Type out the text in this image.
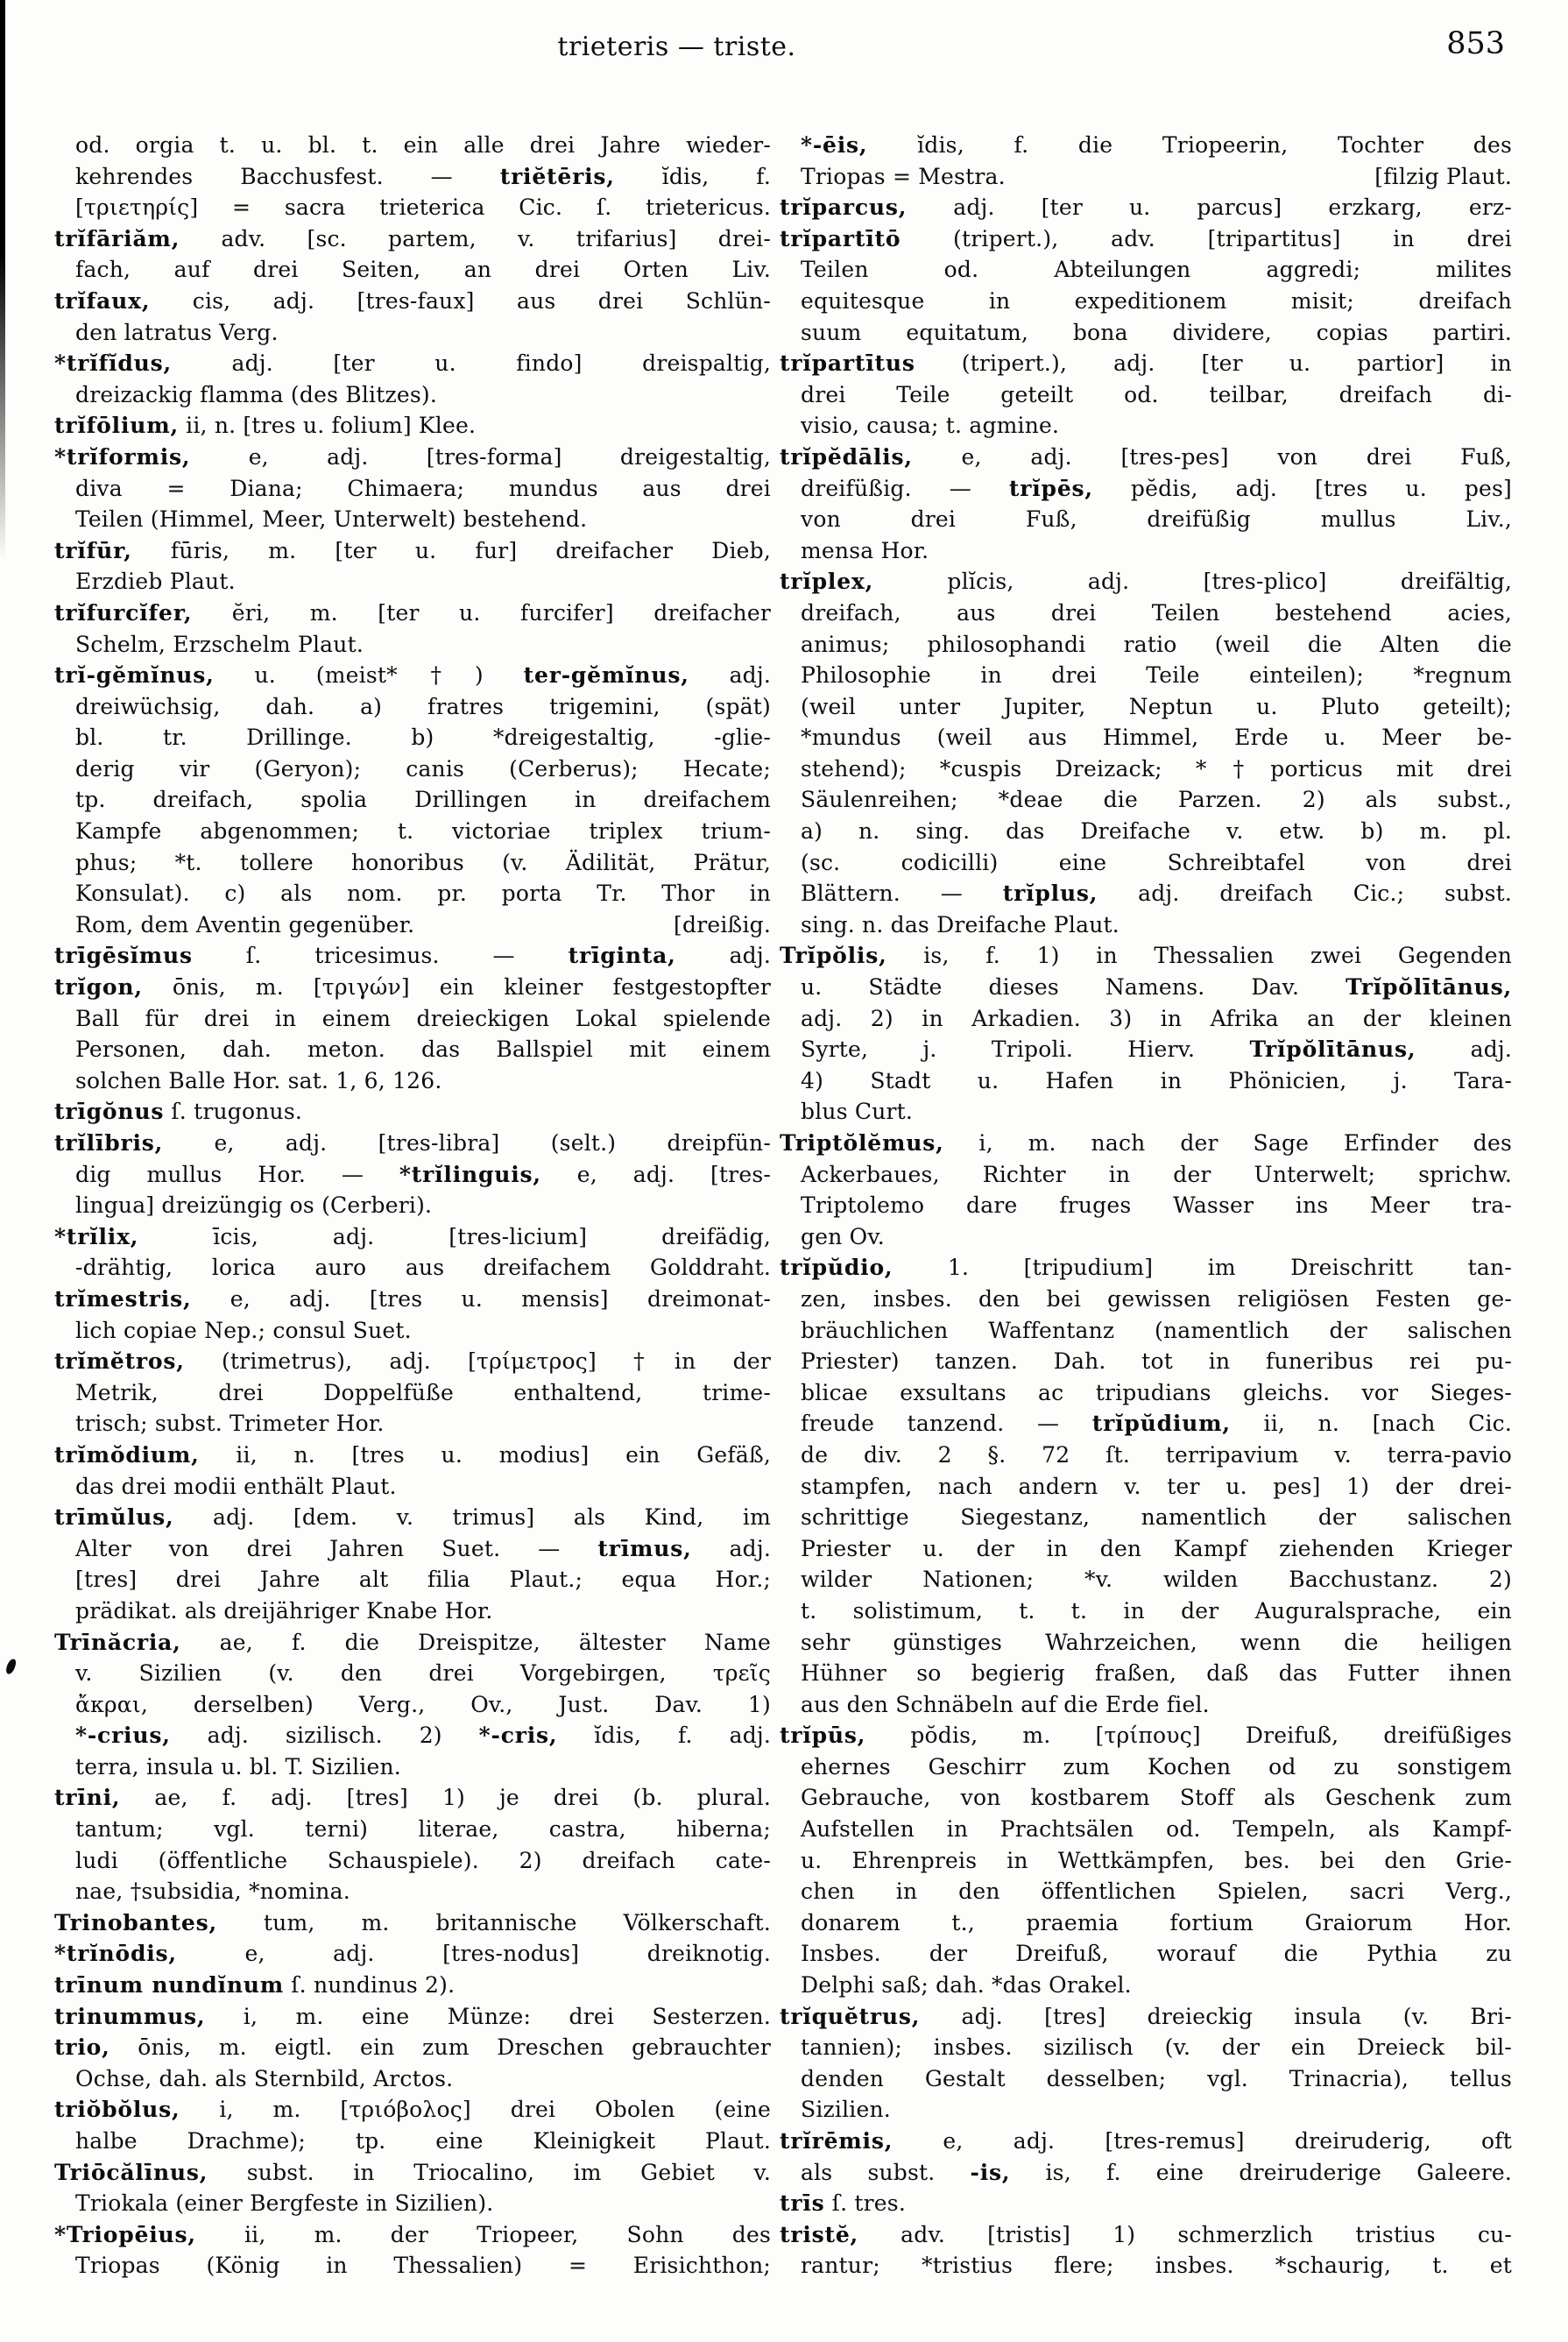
trieteris — triste.	853
od. orgia t. u. bl. t. ein alle drei Jahre wieder-
kehrendes Bacchusfest. — triĕtēris, ĭdis, f.
[τριετηρίς] = sacra trieterica Cic. ſ. trietericus.
trĭfāriăm, adv. [sc. partem, v. trifarius] drei-
fach, auf drei Seiten, an drei Orten Liv.
trĭfaux, cis, adj. [tres-faux] aus drei Schlün-
den latratus Verg.
*trĭfĭdus, adj. [ter u. findo] dreispaltig,
dreizackig flamma (des Blitzes).
trĭfōlium, ii, n. [tres u. folium] Klee.
*trĭformis, e, adj. [tres-forma] dreigestaltig,
diva = Diana; Chimaera; mundus aus drei
Teilen (Himmel, Meer, Unterwelt) bestehend.
trĭfūr, fūris, m. [ter u. fur] dreifacher Dieb,
Erzdieb Plaut.
trĭfurcĭfer, ĕri, m. [ter u. furcifer] dreifacher
Schelm, Erzschelm Plaut.
trĭ-gĕmĭnus, u. (meist*†) ter-gĕmĭnus, adj.
dreiwüchsig, dah. a) fratres trigemini, (spät)
bl. tr. Drillinge. b) *dreigestaltig, -glie-
derig vir (Geryon); canis (Cerberus); Hecate;
tp. dreifach, spolia Drillingen in dreifachem
Kampfe abgenommen; t. victoriae triplex trium-
phus; *t. tollere honoribus (v. Ädilität, Prätur,
Konsulat). c) als nom. pr. porta Tr. Thor in
Rom, dem Aventin gegenüber.	[dreißig.
trīgēsĭmus ſ. tricesimus. — trīginta, adj.
trĭgon, ōnis, m. [τριγών] ein kleiner festgestopfter
Ball für drei in einem dreieckigen Lokal spielende
Personen, dah. meton. das Ballspiel mit einem
solchen Balle Hor. sat. 1, 6, 126.
trīgŏnus ſ. trugonus.
trĭlībris, e, adj. [tres-libra] (selt.) dreipfün-
dig mullus Hor. — *trĭlinguis, e, adj. [tres-
lingua] dreizüngig os (Cerberi).
*trĭlix, īcis, adj. [tres-licium] dreifädig,
-drähtig, lorica auro aus dreifachem Golddraht.
trĭmestris, e, adj. [tres u. mensis] dreimonat-
lich copiae Nep.; consul Suet.
trĭmĕtros, (trimetrus), adj. [τρίμετρος] †in der
Metrik, drei Doppelfüße enthaltend, trime-
trisch; subst. Trimeter Hor.
trĭmŏdium, ii, n. [tres u. modius] ein Gefäß,
das drei modii enthält Plaut.
trīmŭlus, adj. [dem. v. trimus] als Kind, im
Alter von drei Jahren Suet. — trīmus, adj.
[tres] drei Jahre alt filia Plaut.; equa Hor.;
prädikat. als dreijähriger Knabe Hor.
Trīnăcria, ae, f. die Dreispitze, ältester Name
v. Sizilien (v. den drei Vorgebirgen, τρεῖς
ἄκραι, derselben) Verg., Ov., Just. Dav. 1)
*-crius, adj. sizilisch. 2) *-cris, ĭdis, f. adj.
terra, insula u. bl. T. Sizilien.
trīni, ae, f. adj. [tres] 1) je drei (b. plural.
tantum; vgl. terni) literae, castra, hiberna;
ludi (öffentliche Schauspiele). 2) dreifach cate-
nae, †subsidia, *nomina.
Trinobantes, tum, m. britannische Völkerschaft.
*trĭnōdis, e, adj. [tres-nodus] dreiknotig.
trīnum nundĭnum ſ. nundinus 2).
trinummus, i, m. eine Münze: drei Sesterzen.
trio, ōnis, m. eigtl. ein zum Dreschen gebrauchter
Ochse, dah. als Sternbild, Arctos.
triŏbŏlus, i, m. [τριόβολος] drei Obolen (eine
halbe Drachme); tp. eine Kleinigkeit Plaut.
Triōcălīnus, subst. in Triocalino, im Gebiet v.
Triokala (einer Bergfeste in Sizilien).
*Triopēius, ii, m. der Triopeer, Sohn des
Triopas (König in Thessalien) = Erisichthon;
*-ēis, ĭdis, f. die Triopeerin, Tochter des
Triopas = Mestra.	[filzig Plaut.
trĭparcus, adj. [ter u. parcus] erzkarg, erz-
trĭpartītō (tripert.), adv. [tripartitus] in drei
Teilen od. Abteilungen aggredi; milites
equitesque in expeditionem misit; dreifach
suum equitatum, bona dividere, copias partiri.
trĭpartītus (tripert.), adj. [ter u. partior] in
drei Teile geteilt od. teilbar, dreifach di-
visio, causa; t. agmine.
trĭpĕdālis, e, adj. [tres-pes] von drei Fuß,
dreifüßig. — trĭpēs, pĕdis, adj. [tres u. pes]
von drei Fuß, dreifüßig mullus Liv.,
mensa Hor.
trĭplex, plĭcis, adj. [tres-plico] dreifältig,
dreifach, aus drei Teilen bestehend acies,
animus; philosophandi ratio (weil die Alten die
Philosophie in drei Teile einteilen); *regnum
(weil unter Jupiter, Neptun u. Pluto geteilt);
*mundus (weil aus Himmel, Erde u. Meer be-
stehend); *cuspis Dreizack; *†porticus mit drei
Säulenreihen; *deae die Parzen. 2) als subst.,
a) n. sing. das Dreifache v. etw. b) m. pl.
(sc. codicilli) eine Schreibtafel von drei
Blättern. — trĭplus, adj. dreifach Cic.; subst.
sing. n. das Dreifache Plaut.
Trĭpŏlis, is, f. 1) in Thessalien zwei Gegenden
u. Städte dieses Namens. Dav. Trĭpŏlītānus,
adj. 2) in Arkadien. 3) in Afrika an der kleinen
Syrte, j. Tripoli. Hierv. Trĭpŏlītānus, adj.
4) Stadt u. Hafen in Phönicien, j. Tara-
blus Curt.
Triptŏlĕmus, i, m. nach der Sage Erfinder des
Ackerbaues, Richter in der Unterwelt; sprichw.
Triptolemo dare fruges Wasser ins Meer tra-
gen Ov.
trĭpŭdio, 1. [tripudium] im Dreischritt tan-
zen, insbes. den bei gewissen religiösen Festen ge-
bräuchlichen Waffentanz (namentlich der salischen
Priester) tanzen. Dah. tot in funeribus rei pu-
blicae exsultans ac tripudians gleichs. vor Sieges-
freude tanzend. — trĭpŭdium, ii, n. [nach Cic.
de div. 2 §. 72 ſt. terripavium v. terra-pavio
stampfen, nach andern v. ter u. pes] 1) der drei-
schrittige Siegestanz, namentlich der salischen
Priester u. der in den Kampf ziehenden Krieger
wilder Nationen; *v. wilden Bacchustanz. 2)
t. solistimum, t. t. in der Auguralsprache, ein
sehr günstiges Wahrzeichen, wenn die heiligen
Hühner so begierig fraßen, daß das Futter ihnen
aus den Schnäbeln auf die Erde fiel.
trĭpūs, pŏdis, m. [τρίπους] Dreifuß, dreifüßiges
ehernes Geschirr zum Kochen od zu sonstigem
Gebrauche, von kostbarem Stoff als Geschenk zum
Aufstellen in Prachtsälen od. Tempeln, als Kampf-
u. Ehrenpreis in Wettkämpfen, bes. bei den Grie-
chen in den öffentlichen Spielen, sacri Verg.,
donarem t., praemia fortium Graiorum Hor.
Insbes. der Dreifuß, worauf die Pythia zu
Delphi saß; dah. *das Orakel.
trĭquĕtrus, adj. [tres] dreieckig insula (v. Bri-
tannien); insbes. sizilisch (v. der ein Dreieck bil-
denden Gestalt desselben; vgl. Trinacria), tellus
Sizilien.
trĭrēmis, e, adj. [tres-remus] dreiruderig, oft
als subst. -is, is, f. eine dreiruderige Galeere.
trīs ſ. tres.
tristĕ, adv. [tristis] 1) schmerzlich tristius cu-
rantur; *tristius flere; insbes. *schaurig, t. et
